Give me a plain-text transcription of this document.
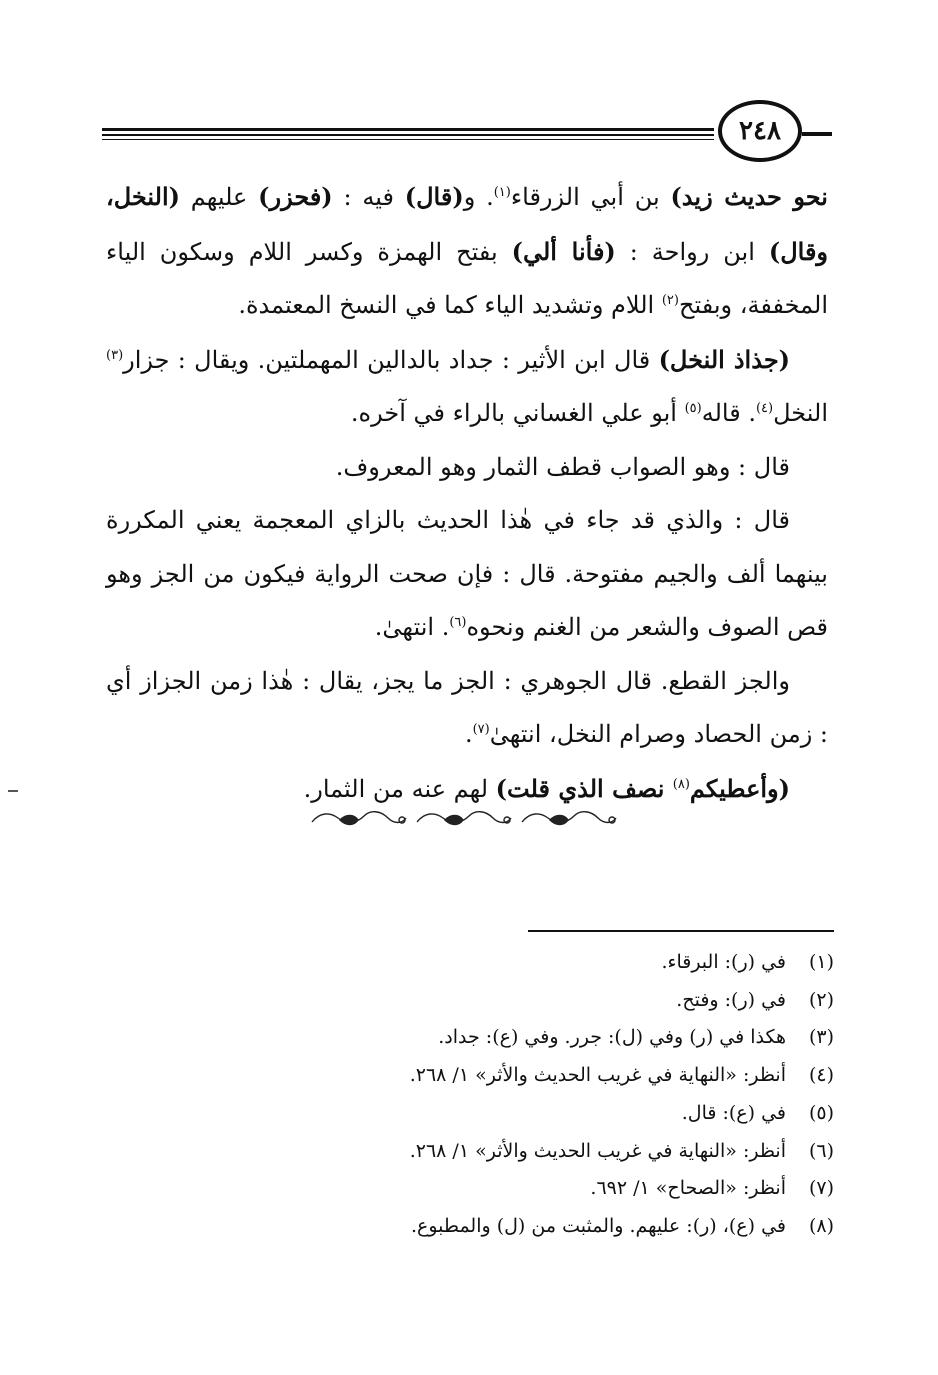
٢٤٨

نحو حديث زيد) بن أبي الزرقاء$^{(١)}$. و(قال) فيه : (فحزر) عليهم (النخل، وقال) ابن رواحة : (فأنا ألي) بفتح الهمزة وكسر اللام وسكون الياء المخففة، وبفتح$^{(٢)}$ اللام وتشديد الياء كما في النسخ المعتمدة.

(جذاذ النخل) قال ابن الأثير : جداد بالدالين المهملتين. ويقال : جزار$^{(٣)}$ النخل$^{(٤)}$. قاله$^{(٥)}$ أبو علي الغساني بالراء في آخره.

قال : وهو الصواب قطف الثمار وهو المعروف.

قال : والذي قد جاء في هٰذا الحديث بالزاي المعجمة يعني المكررة بينهما ألف والجيم مفتوحة. قال : فإن صحت الرواية فيكون من الجز وهو قص الصوف والشعر من الغنم ونحوه$^{(٦)}$. انتهىٰ.

والجز القطع. قال الجوهري : الجز ما يجز، يقال : هٰذا زمن الجزاز أي : زمن الحصاد وصرام النخل، انتهىٰ$^{(٧)}$.

(وأعطيكم$^{(٨)}$ نصف الذي قلت) لهم عنه من الثمار.

(١)في (ر): البرقاء.
(٢)في (ر): وفتح.
(٣)هكذا في (ر) وفي (ل): جرر. وفي (ع): جداد.
(٤)أنظر: «النهاية في غريب الحديث والأثر» ١/ ٢٦٨.
(٥)في (ع): قال.
(٦)أنظر: «النهاية في غريب الحديث والأثر» ١/ ٢٦٨.
(٧)أنظر: «الصحاح» ١/ ٦٩٢.
(٨)في (ع)، (ر): عليهم. والمثبت من (ل) والمطبوع.
